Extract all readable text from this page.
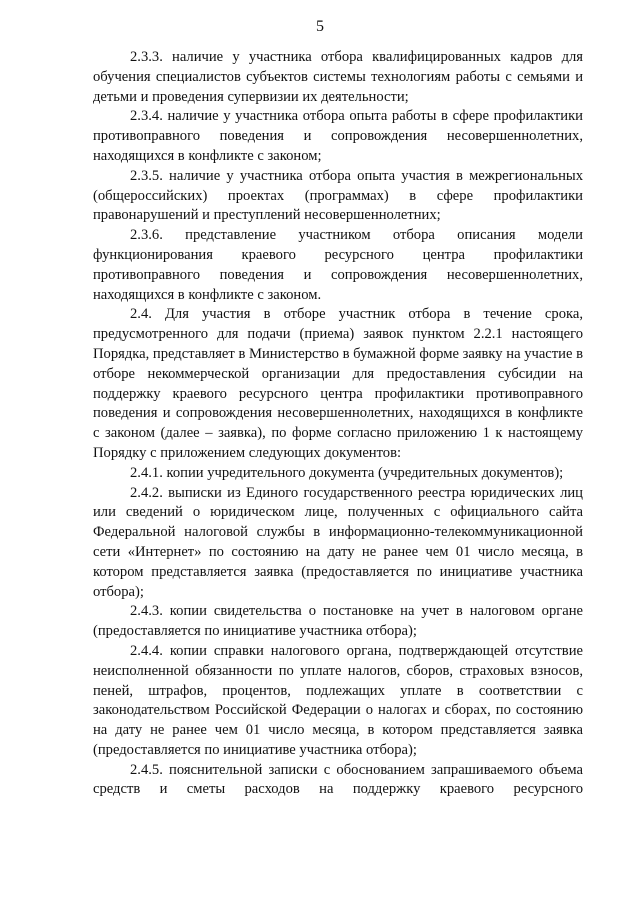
5

2.3.3. наличие у участника отбора квалифицированных кадров для обучения специалистов субъектов системы технологиям работы с семьями и детьми и проведения супервизии их деятельности;

2.3.4. наличие у участника отбора опыта работы в сфере профилактики противоправного поведения и сопровождения несовершеннолетних, находящихся в конфликте с законом;

2.3.5. наличие у участника отбора опыта участия в межрегиональных (общероссийских) проектах (программах) в сфере профилактики правонарушений и преступлений несовершеннолетних;

2.3.6. представление участником отбора описания модели функционирования краевого ресурсного центра профилактики противоправного поведения и сопровождения несовершеннолетних, находящихся в конфликте с законом.

2.4. Для участия в отборе участник отбора в течение срока, предусмотренного для подачи (приема) заявок пунктом 2.2.1 настоящего Порядка, представляет в Министерство в бумажной форме заявку на участие в отборе некоммерческой организации для предоставления субсидии на поддержку краевого ресурсного центра профилактики противоправного поведения и сопровождения несовершеннолетних, находящихся в конфликте с законом (далее – заявка), по форме согласно приложению 1 к настоящему Порядку с приложением следующих документов:

2.4.1. копии учредительного документа (учредительных документов);

2.4.2. выписки из Единого государственного реестра юридических лиц или сведений о юридическом лице, полученных с официального сайта Федеральной налоговой службы в информационно-телекоммуникационной сети «Интернет» по состоянию на дату не ранее чем 01 число месяца, в котором представляется заявка (предоставляется по инициативе участника отбора);

2.4.3. копии свидетельства о постановке на учет в налоговом органе (предоставляется по инициативе участника отбора);

2.4.4. копии справки налогового органа, подтверждающей отсутствие неисполненной обязанности по уплате налогов, сборов, страховых взносов, пеней, штрафов, процентов, подлежащих уплате в соответствии с законодательством Российской Федерации о налогах и сборах, по состоянию на дату не ранее чем 01 число месяца, в котором представляется заявка (предоставляется по инициативе участника отбора);

2.4.5. пояснительной записки с обоснованием запрашиваемого объема средств и сметы расходов на поддержку краевого ресурсного
